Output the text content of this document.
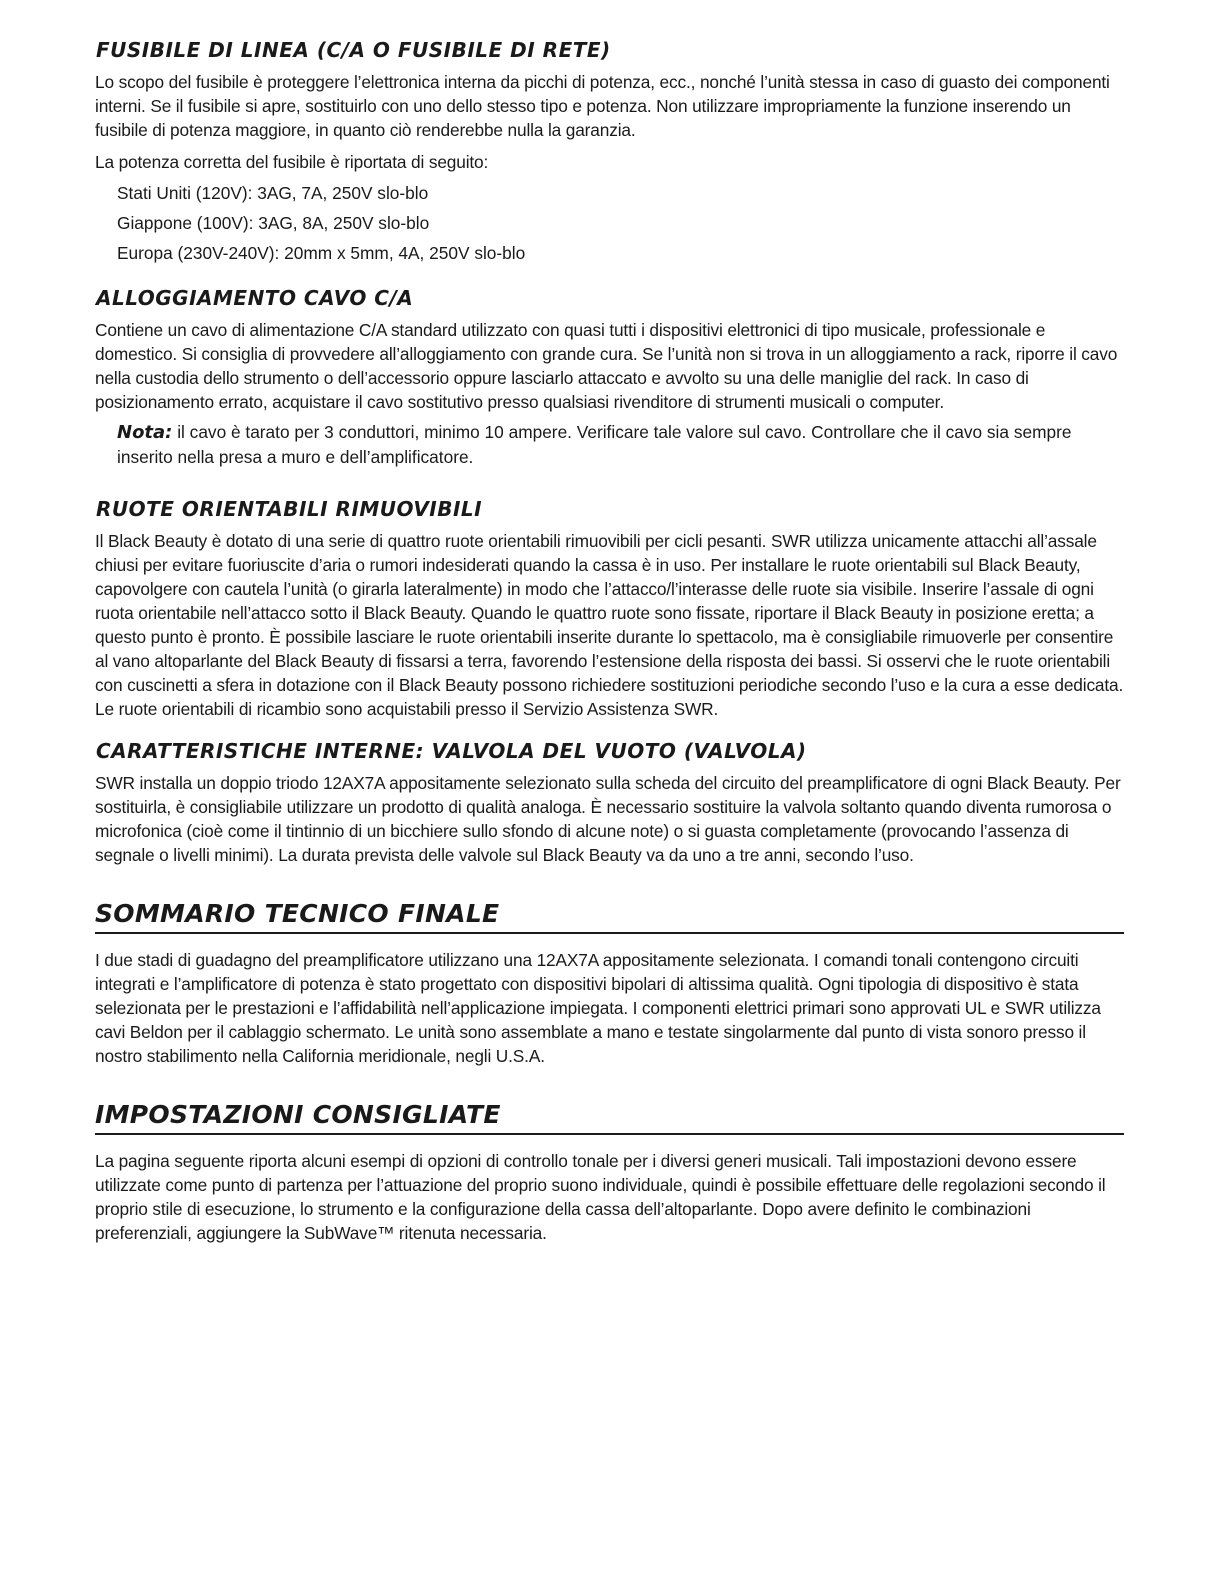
FUSIBILE DI LINEA (C/A O FUSIBILE DI RETE)

Lo scopo del fusibile è proteggere l’elettronica interna da picchi di potenza, ecc., nonché l’unità stessa in caso di guasto dei componenti interni. Se il fusibile si apre, sostituirlo con uno dello stesso tipo e potenza. Non utilizzare impropriamente la funzione inserendo un fusibile di potenza maggiore, in quanto ciò renderebbe nulla la garanzia.

La potenza corretta del fusibile è riportata di seguito:

Stati Uniti (120V): 3AG, 7A, 250V slo-blo
Giappone (100V): 3AG, 8A, 250V slo-blo
Europa (230V-240V): 20mm x 5mm, 4A, 250V slo-blo
ALLOGGIAMENTO CAVO C/A

Contiene un cavo di alimentazione C/A standard utilizzato con quasi tutti i dispositivi elettronici di tipo musicale, professionale e domestico. Si consiglia di provvedere all’alloggiamento con grande cura. Se l’unità non si trova in un alloggiamento a rack, riporre il cavo nella custodia dello strumento o dell’accessorio oppure lasciarlo attaccato e avvolto su una delle maniglie del rack. In caso di posizionamento errato, acquistare il cavo sostitutivo presso qualsiasi rivenditore di strumenti musicali o computer.

Nota: il cavo è tarato per 3 conduttori, minimo 10 ampere. Verificare tale valore sul cavo. Controllare che il cavo sia sempre inserito nella presa a muro e dell’amplificatore.
RUOTE ORIENTABILI RIMUOVIBILI

Il Black Beauty è dotato di una serie di quattro ruote orientabili rimuovibili per cicli pesanti. SWR utilizza unicamente attacchi all’assale chiusi per evitare fuoriuscite d’aria o rumori indesiderati quando la cassa è in uso. Per installare le ruote orientabili sul Black Beauty, capovolgere con cautela l’unità (o girarla lateralmente) in modo che l’attacco/l’interasse delle ruote sia visibile. Inserire l’assale di ogni ruota orientabile nell’attacco sotto il Black Beauty. Quando le quattro ruote sono fissate, riportare il Black Beauty in posizione eretta; a questo punto è pronto. È possibile lasciare le ruote orientabili inserite durante lo spettacolo, ma è consigliabile rimuoverle per consentire al vano altoparlante del Black Beauty di fissarsi a terra, favorendo l’estensione della risposta dei bassi. Si osservi che le ruote orientabili con cuscinetti a sfera in dotazione con il Black Beauty possono richiedere sostituzioni periodiche secondo l’uso e la cura a esse dedicata. Le ruote orientabili di ricambio sono acquistabili presso il Servizio Assistenza SWR.

CARATTERISTICHE INTERNE: VALVOLA DEL VUOTO (VALVOLA)

SWR installa un doppio triodo 12AX7A appositamente selezionato sulla scheda del circuito del preamplificatore di ogni Black Beauty. Per sostituirla, è consigliabile utilizzare un prodotto di qualità analoga. È necessario sostituire la valvola soltanto quando diventa rumorosa o microfonica (cioè come il tintinnio di un bicchiere sullo sfondo di alcune note) o si guasta completamente (provocando l’assenza di segnale o livelli minimi). La durata prevista delle valvole sul Black Beauty va da uno a tre anni, secondo l’uso.

SOMMARIO TECNICO FINALE

I due stadi di guadagno del preamplificatore utilizzano una 12AX7A appositamente selezionata. I comandi tonali contengono circuiti integrati e l’amplificatore di potenza è stato progettato con dispositivi bipolari di altissima qualità. Ogni tipologia di dispositivo è stata selezionata per le prestazioni e l’affidabilità nell’applicazione impiegata. I componenti elettrici primari sono approvati UL e SWR utilizza cavi Beldon per il cablaggio schermato. Le unità sono assemblate a mano e testate singolarmente dal punto di vista sonoro presso il nostro stabilimento nella California meridionale, negli U.S.A.

IMPOSTAZIONI CONSIGLIATE

La pagina seguente riporta alcuni esempi di opzioni di controllo tonale per i diversi generi musicali. Tali impostazioni devono essere utilizzate come punto di partenza per l’attuazione del proprio suono individuale, quindi è possibile effettuare delle regolazioni secondo il proprio stile di esecuzione, lo strumento e la configurazione della cassa dell’altoparlante. Dopo avere definito le combinazioni preferenziali, aggiungere la SubWave™ ritenuta necessaria.
